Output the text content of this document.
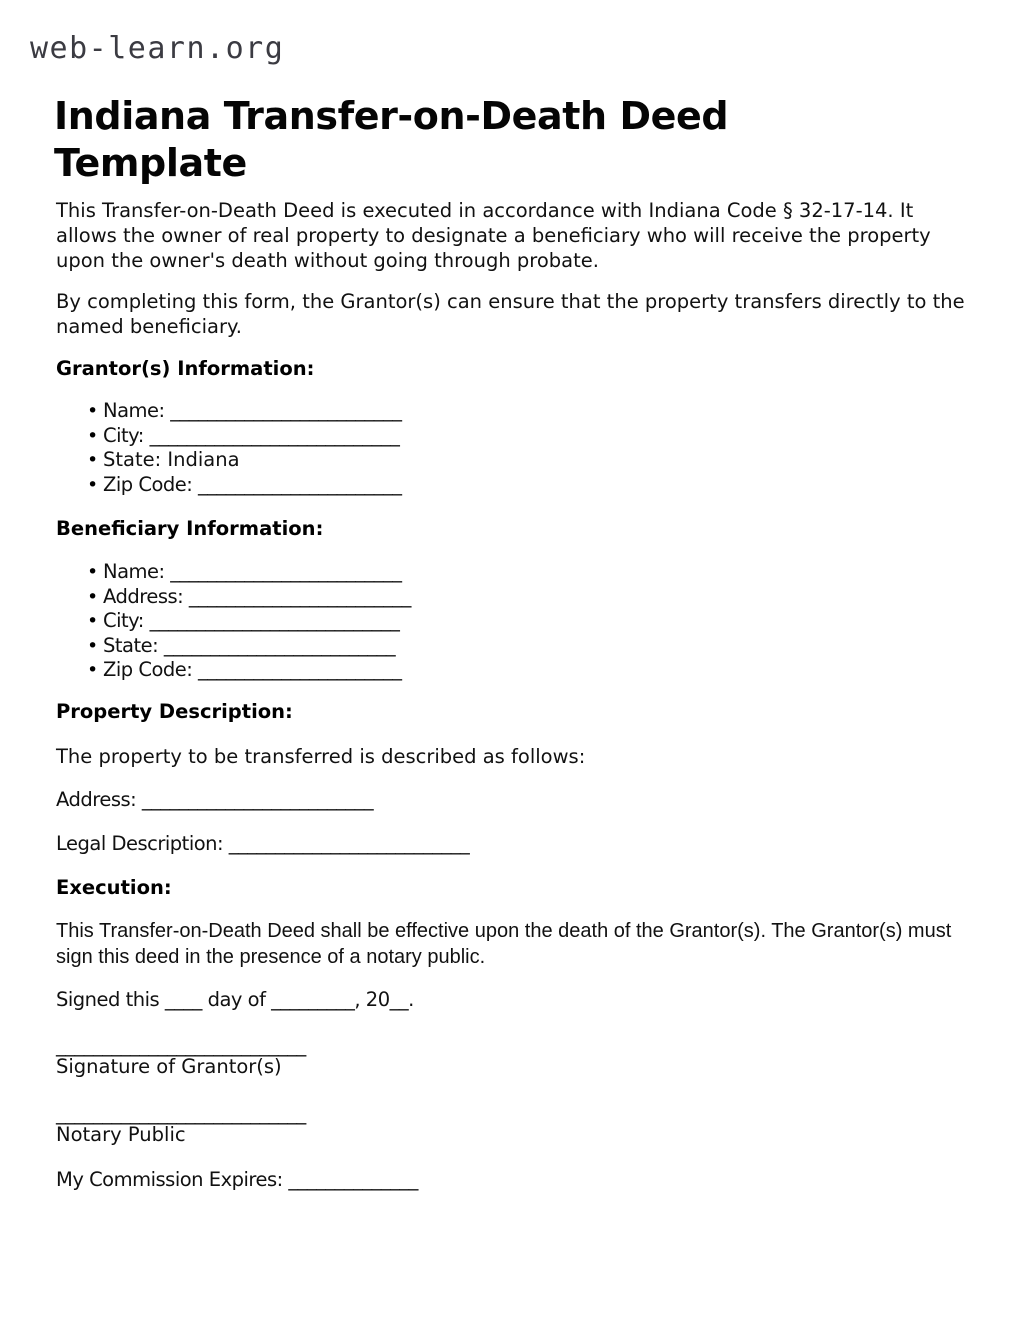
web-learn.org
Indiana Transfer-on-Death Deed Template

This Transfer-on-Death Deed is executed in accordance with Indiana Code § 32-17-14. It allows the owner of real property to designate a beneficiary who will receive the property upon the owner's death without going through probate.

By completing this form, the Grantor(s) can ensure that the property transfers directly to the named beneficiary.

Grantor(s) Information:
• Name: _________________________
• City: ___________________________
• State: Indiana
• Zip Code: ______________________
Beneficiary Information:
• Name: _________________________
• Address: ________________________
• City: ___________________________
• State: _________________________
• Zip Code: ______________________
Property Description:

The property to be transferred is described as follows:

Address: _________________________

Legal Description: __________________________

Execution:

This Transfer-on-Death Deed shall be effective upon the death of the Grantor(s). The Grantor(s) must sign this deed in the presence of a notary public.

Signed this ____ day of _________, 20__.

___________________________
Signature of Grantor(s)
___________________________
Notary Public

My Commission Expires: ______________
